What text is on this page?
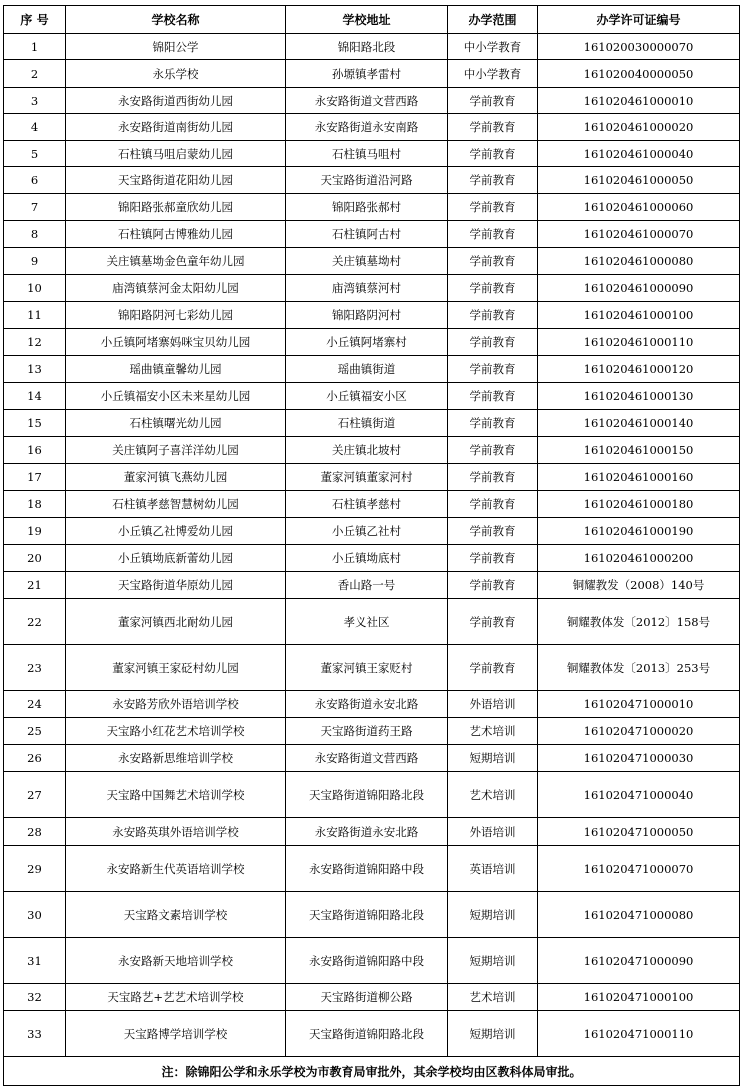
序 号	学校名称	学校地址	办学范围	办学许可证编号
1	锦阳公学	锦阳路北段	中小学教育	161020030000070
2	永乐学校	孙塬镇孝雷村	中小学教育	161020040000050
3	永安路街道西街幼儿园	永安路街道文营西路	学前教育	161020461000010
4	永安路街道南街幼儿园	永安路街道永安南路	学前教育	161020461000020
5	石柱镇马咀启蒙幼儿园	石柱镇马咀村	学前教育	161020461000040
6	天宝路街道花阳幼儿园	天宝路街道沿河路	学前教育	161020461000050
7	锦阳路张郝童欣幼儿园	锦阳路张郝村	学前教育	161020461000060
8	石柱镇阿古博雅幼儿园	石柱镇阿古村	学前教育	161020461000070
9	关庄镇墓坳金色童年幼儿园	关庄镇墓坳村	学前教育	161020461000080
10	庙湾镇蔡河金太阳幼儿园	庙湾镇蔡河村	学前教育	161020461000090
11	锦阳路阴河七彩幼儿园	锦阳路阴河村	学前教育	161020461000100
12	小丘镇阿堵寨妈咪宝贝幼儿园	小丘镇阿堵寨村	学前教育	161020461000110
13	瑶曲镇童馨幼儿园	瑶曲镇街道	学前教育	161020461000120
14	小丘镇福安小区未来星幼儿园	小丘镇福安小区	学前教育	161020461000130
15	石柱镇曙光幼儿园	石柱镇街道	学前教育	161020461000140
16	关庄镇阿子喜洋洋幼儿园	关庄镇北坡村	学前教育	161020461000150
17	董家河镇飞燕幼儿园	董家河镇董家河村	学前教育	161020461000160
18	石柱镇孝慈智慧树幼儿园	石柱镇孝慈村	学前教育	161020461000180
19	小丘镇乙社博爱幼儿园	小丘镇乙社村	学前教育	161020461000190
20	小丘镇坳底新蕾幼儿园	小丘镇坳底村	学前教育	161020461000200
21	天宝路街道华原幼儿园	香山路一号	学前教育	铜耀教发（2008）140号
22	董家河镇西北耐幼儿园	孝义社区	学前教育	铜耀教体发〔2012〕158号
23	董家河镇王家砭村幼儿园	董家河镇王家贬村	学前教育	铜耀教体发〔2013〕253号
24	永安路芳欣外语培训学校	永安路街道永安北路	外语培训	161020471000010
25	天宝路小红花艺术培训学校	天宝路街道药王路	艺术培训	161020471000020
26	永安路新思维培训学校	永安路街道文营西路	短期培训	161020471000030
27	天宝路中国舞艺术培训学校	天宝路街道锦阳路北段	艺术培训	161020471000040
28	永安路英琪外语培训学校	永安路街道永安北路	外语培训	161020471000050
29	永安路新生代英语培训学校	永安路街道锦阳路中段	英语培训	161020471000070
30	天宝路文素培训学校	天宝路街道锦阳路北段	短期培训	161020471000080
31	永安路新天地培训学校	永安路街道锦阳路中段	短期培训	161020471000090
32	天宝路艺+艺艺术培训学校	天宝路街道柳公路	艺术培训	161020471000100
33	天宝路博学培训学校	天宝路街道锦阳路北段	短期培训	161020471000110
注：除锦阳公学和永乐学校为市教育局审批外，其余学校均由区教科体局审批。				
